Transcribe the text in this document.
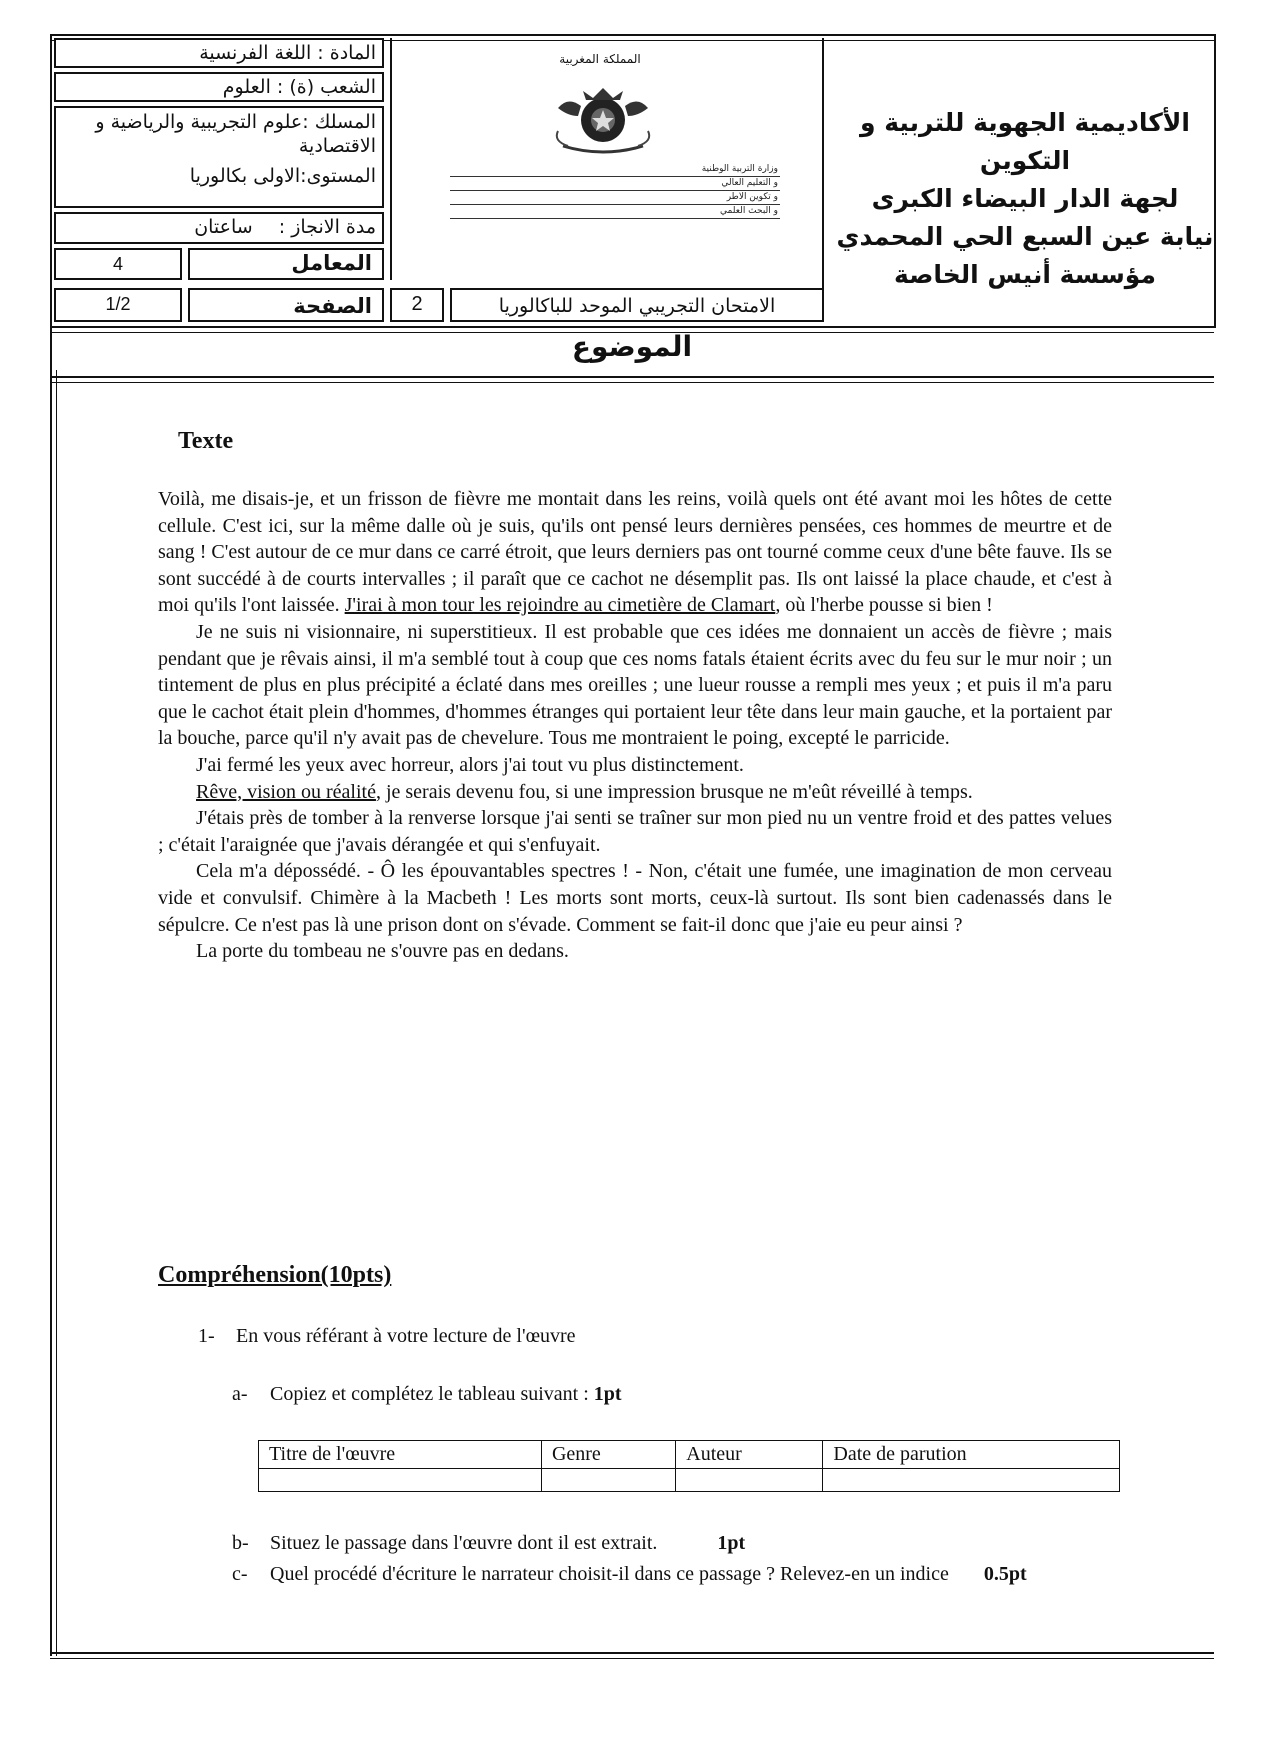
المادة : اللغة الفرنسية
الشعب (ة) : العلوم
المسلك :علوم التجريبية والرياضية و الاقتصادية
المستوى:الاولى بكالوريا
مدة الانجاز : ساعتان
4	المعامل
1/2	الصفحة
المملكة المغربية
وزارة التربية الوطنية
و التعليم العالي
و تكوين الاطر
و البحث العلمي
2	الامتحان التجريبي الموحد للباكالوريا
الأكاديمية الجهوية للتربية و التكوين
لجهة الدار البيضاء الكبرى
نيابة عين السبع الحي المحمدي
مؤسسة أنيس الخاصة
الموضوع
Texte

Voilà, me disais-je, et un frisson de fièvre me montait dans les reins, voilà quels ont été avant moi les hôtes de cette cellule. C'est ici, sur la même dalle où je suis, qu'ils ont pensé leurs dernières pensées, ces hommes de meurtre et de sang ! C'est autour de ce mur dans ce carré étroit, que leurs derniers pas ont tourné comme ceux d'une bête fauve. Ils se sont succédé à de courts intervalles ; il paraît que ce cachot ne désemplit pas. Ils ont laissé la place chaude, et c'est à moi qu'ils l'ont laissée. J'irai à mon tour les rejoindre au cimetière de Clamart, où l'herbe pousse si bien !

Je ne suis ni visionnaire, ni superstitieux. Il est probable que ces idées me donnaient un accès de fièvre ; mais pendant que je rêvais ainsi, il m'a semblé tout à coup que ces noms fatals étaient écrits avec du feu sur le mur noir ; un tintement de plus en plus précipité a éclaté dans mes oreilles ; une lueur rousse a rempli mes yeux ; et puis il m'a paru que le cachot était plein d'hommes, d'hommes étranges qui portaient leur tête dans leur main gauche, et la portaient par la bouche, parce qu'il n'y avait pas de chevelure. Tous me montraient le poing, excepté le parricide.

J'ai fermé les yeux avec horreur, alors j'ai tout vu plus distinctement.

Rêve, vision ou réalité, je serais devenu fou, si une impression brusque ne m'eût réveillé à temps.

J'étais près de tomber à la renverse lorsque j'ai senti se traîner sur mon pied nu un ventre froid et des pattes velues ; c'était l'araignée que j'avais dérangée et qui s'enfuyait.

Cela m'a dépossédé. - Ô les épouvantables spectres ! - Non, c'était une fumée, une imagination de mon cerveau vide et convulsif. Chimère à la Macbeth ! Les morts sont morts, ceux-là surtout. Ils sont bien cadenassés dans le sépulcre. Ce n'est pas là une prison dont on s'évade. Comment se fait-il donc que j'aie eu peur ainsi ?

La porte du tombeau ne s'ouvre pas en dedans.

Compréhension(10pts)
1- En vous référant à votre lecture de l'œuvre
a- Copiez et complétez le tableau suivant : 1pt
Titre de l'œuvre	Genre	Auteur	Date de parution

b- Situez le passage dans l'œuvre dont il est extrait.	1pt
c- Quel procédé d'écriture le narrateur choisit-il dans ce passage ? Relevez-en un indice 0.5pt
